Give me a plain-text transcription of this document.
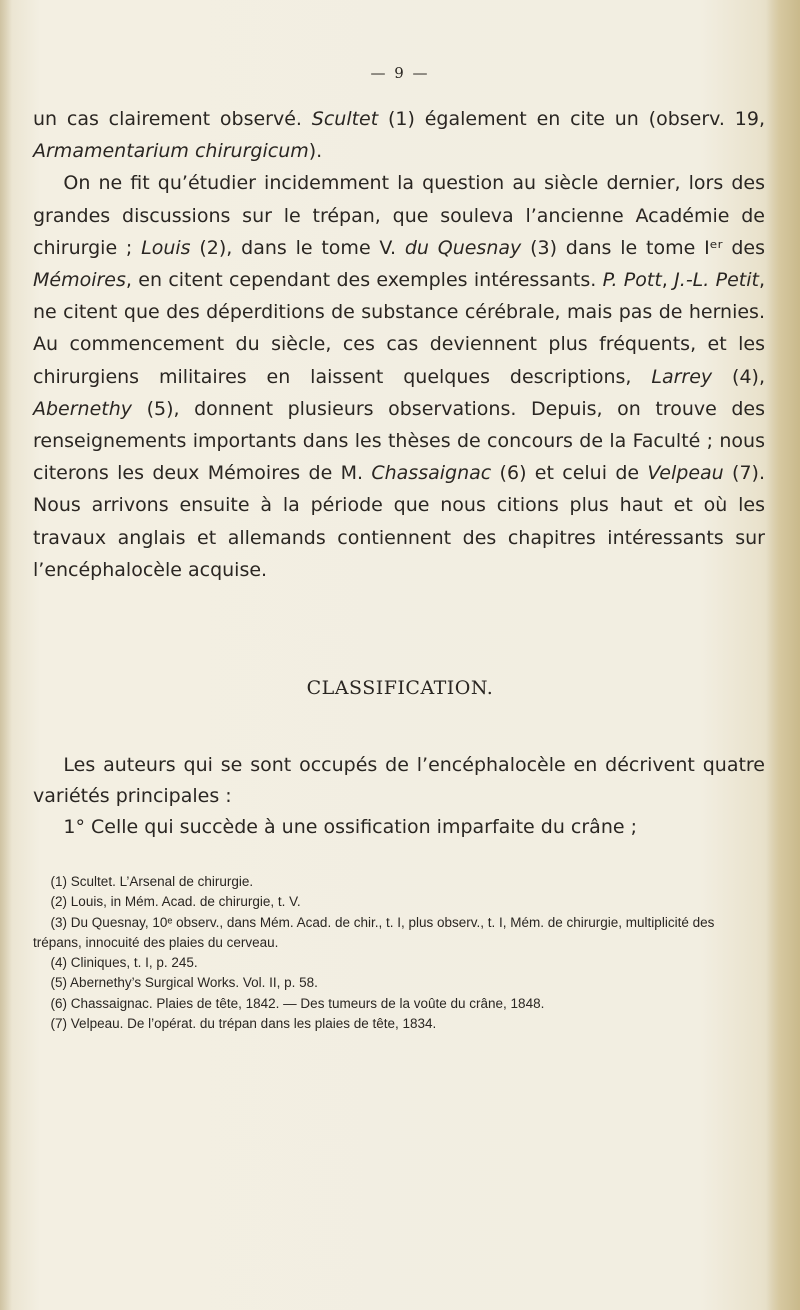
— 9 —

un cas clairement observé. Scultet (1) également en cite un (observ. 19, Armamentarium chirurgicum).

On ne fit qu’étudier incidemment la question au siècle dernier, lors des grandes discussions sur le trépan, que souleva l’ancienne Académie de chirurgie ; Louis (2), dans le tome V. du Quesnay (3) dans le tome Iᵉʳ des Mémoires, en citent cependant des exemples intéressants. P. Pott, J.-L. Petit, ne citent que des déperditions de substance cérébrale, mais pas de hernies. Au commencement du siècle, ces cas deviennent plus fréquents, et les chirurgiens militaires en laissent quelques descriptions, Larrey (4), Abernethy (5), donnent plusieurs observations. Depuis, on trouve des renseignements importants dans les thèses de concours de la Faculté ; nous citerons les deux Mémoires de M. Chassaignac (6) et celui de Velpeau (7). Nous arrivons ensuite à la période que nous citions plus haut et où les travaux anglais et allemands contiennent des chapitres intéressants sur l’encéphalocèle acquise.

CLASSIFICATION.

Les auteurs qui se sont occupés de l’encéphalocèle en décrivent quatre variétés principales :

1° Celle qui succède à une ossification imparfaite du crâne ;

(1) Scultet. L’Arsenal de chirurgie.

(2) Louis, in Mém. Acad. de chirurgie, t. V.

(3) Du Quesnay, 10ᵉ observ., dans Mém. Acad. de chir., t. I, plus observ., t. I, Mém. de chirurgie, multiplicité des trépans, innocuité des plaies du cerveau.

(4) Cliniques, t. I, p. 245.

(5) Abernethy’s Surgical Works. Vol. II, p. 58.

(6) Chassaignac. Plaies de tête, 1842. — Des tumeurs de la voûte du crâne, 1848.

(7) Velpeau. De l’opérat. du trépan dans les plaies de tête, 1834.
